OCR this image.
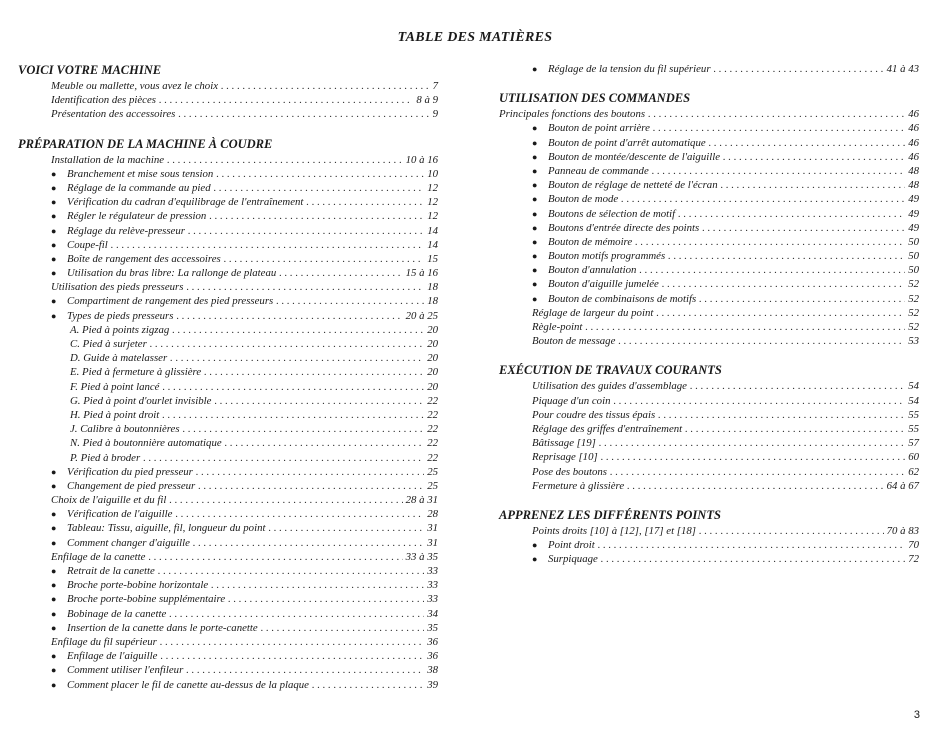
TABLE DES MATIÈRES
VOICI VOTRE MACHINE
Meuble ou mallette, vous avez le choix . . .	7
Identification des pièces . . .	8 à 9
Présentation des accessoires . . .	9
PRÉPARATION DE LA MACHINE À COUDRE
Installation de la machine . . .	10 à 16
● Branchement et mise sous tension . . .	10
● Réglage de la commande au pied . . .	12
● Vérification du cadran d'equilibrage de l'entraînement . . .	12
● Régler le régulateur de pression . . .	12
● Réglage du relève-presseur . . .	14
● Coupe-fil . . .	14
● Boîte de rangement des accessoires . . .	15
● Utilisation du bras libre: La rallonge de plateau . . .	15 à 16
Utilisation des pieds presseurs . . .	18
● Compartiment de rangement des pied presseurs . . .	18
● Types de pieds presseurs . . .	20 à 25
A. Pied à points zigzag . . .	20
C. Pied à surjeter . . .	20
D. Guide à matelasser . . .	20
E. Pied à fermeture à glissière . . .	20
F. Pied à point lancé . . .	20
G. Pied à point d'ourlet invisible . . .	22
H. Pied à point droit . . .	22
J. Calibre à boutonnières . . .	22
N. Pied à boutonnière automatique . . .	22
P. Pied à broder . . .	22
● Vérification du pied presseur . . .	25
● Changement de pied presseur . . .	25
Choix de l'aiguille et du fil . . .	28 à 31
● Vérification de l'aiguille . . .	28
● Tableau: Tissu, aiguille, fil, longueur du point . . .	31
● Comment changer d'aiguille . . .	31
Enfilage de la canette . . .	33 à 35
● Retrait de la canette . . .	33
● Broche porte-bobine horizontale . . .	33
● Broche porte-bobine supplémentaire . . .	33
● Bobinage de la canette . . .	34
● Insertion de la canette dans le porte-canette . . .	35
Enfilage du fil supérieur . . .	36
● Enfilage de l'aiguille . . .	36
● Comment utiliser l'enfileur . . .	38
● Comment placer le fil de canette au-dessus de la plaque . . .	39
● Réglage de la tension du fil supérieur . . .	41 à 43
UTILISATION DES COMMANDES
Principales fonctions des boutons . . .	46
● Bouton de point arrière . . .	46
● Bouton de point d'arrêt automatique . . .	46
● Bouton de montée/descente de l'aiguille . . .	46
● Panneau de commande . . .	48
● Bouton de réglage de netteté de l'écran . . .	48
● Bouton de mode . . .	49
● Boutons de sélection de motif . . .	49
● Boutons d'entrée directe des points . . .	49
● Bouton de mémoire . . .	50
● Bouton motifs programmés . . .	50
● Bouton d'annulation . . .	50
● Bouton d'aiguille jumelée . . .	52
● Bouton de combinaisons de motifs . . .	52
Réglage de largeur du point . . .	52
Règle-point . . .	52
Bouton de message . . .	53
EXÉCUTION DE TRAVAUX COURANTS
Utilisation des guides d'assemblage . . .	54
Piquage d'un coin . . .	54
Pour coudre des tissus épais . . .	55
Réglage des griffes d'entraînement . . .	55
Bâtissage [19] . . .	57
Reprisage [10] . . .	60
Pose des boutons . . .	62
Fermeture à glissière . . .	64 à 67
APPRENEZ LES DIFFÉRENTS POINTS
Points droits [10] à [12], [17] et [18] . . .	70 à 83
● Point droit . . .	70
● Surpiquage . . .	72
3
